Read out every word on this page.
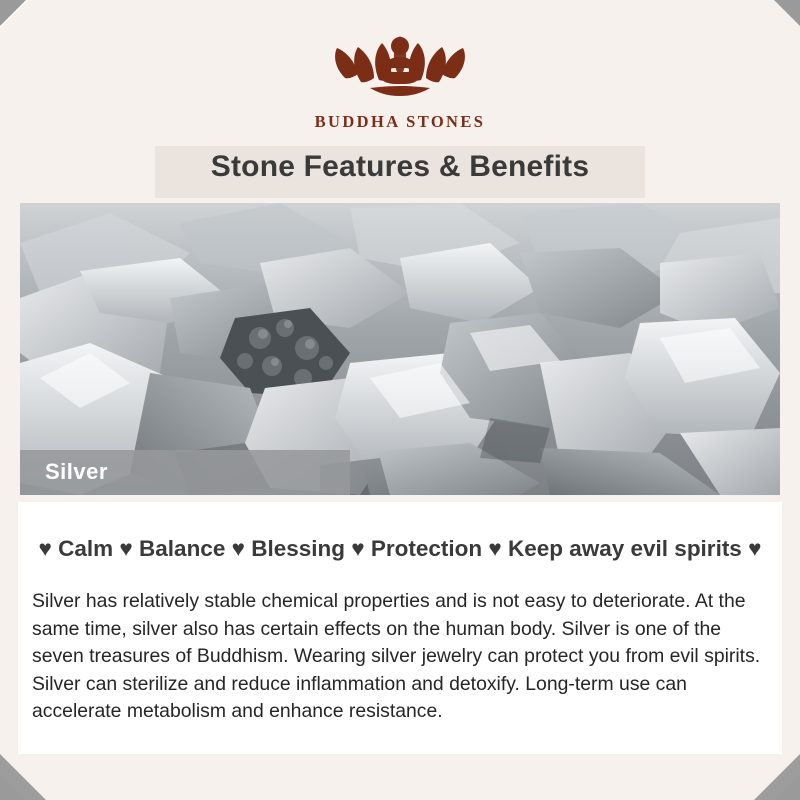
BUDDHA STONES
Stone Features & Benefits
Silver
♥ Calm ♥ Balance ♥ Blessing ♥ Protection ♥ Keep away evil spirits ♥
Silver has relatively stable chemical properties and is not easy to deteriorate. At the same time, silver also has certain effects on the human body. Silver is one of the seven treasures of Buddhism. Wearing silver jewelry can protect you from evil spirits. Silver can sterilize and reduce inflammation and detoxify. Long-term use can accelerate metabolism and enhance resistance.
